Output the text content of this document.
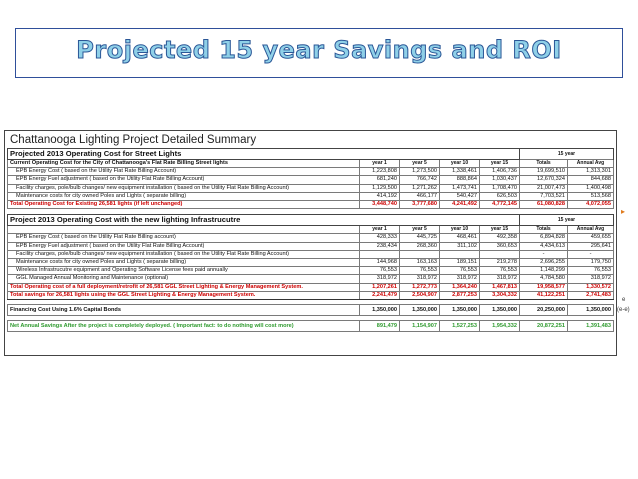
Projected 15 year Savings and ROI
Chattanooga Lighting Project Detailed Summary
Projected 2013 Operating Cost for Street Lights					15 year	
Current Operating Cost for the City of Chattanooga's Flat Rate Billing Street lights	year 1	year 5	year 10	year 15	Totals	Annual Avg
EPB Energy Cost ( based on the Utility Flat Rate Billing Account)	1,223,808	1,273,500	1,338,461	1,406,736	19,699,510	1,313,301
EPB Energy Fuel adjustment ( based on the Utility Flat Rate Billing Account)	681,240	766,742	888,864	1,030,437	12,670,324	844,688
Facility charges, pole/bulb changes/ new equipment installation ( based on the Utility Flat Rate Billing Account)	1,129,500	1,271,262	1,473,741	1,708,470	21,007,473	1,400,498
Maintenance costs for city owned Poles and Lights ( separate billing)	414,192	466,177	540,427	626,503	7,703,521	513,568
Total Operating Cost for Existing 26,581 lights (if left unchanged)	3,448,740	3,777,680	4,241,492	4,772,145	61,080,828	4,072,055

Project 2013 Operating Cost with the new lighting Infrastrucutre					15 year	
	year 1	year 5	year 10	year 15	Totals	Annual Avg
EPB Energy Cost ( based on the Utility Flat Rate Billing account)	428,333	445,725	468,461	492,358	6,894,828	459,655
EPB Energy Fuel adjustment ( based on the Utility Flat Rate Billing Account)	238,434	268,360	311,102	360,653	4,434,613	295,641
Facility charges, pole/bulb changes/ new equipment installation ( based on the Utility Flat Rate Billing Account)					-	-
Maintenance costs for city owned Poles and Lights ( separate billing)	144,968	163,163	189,151	219,278	2,696,255	179,750
Wireless Infrastrucutre equipment and Operating Software License fees paid annually	76,553	76,553	76,553	76,553	1,148,299	76,553
GGL Managed Annual Monitoring and Maintenance (optional)	318,972	318,972	318,972	318,972	4,784,580	318,972
Total Operating cost of a full deployment/retrofit of 26,581 GGL Street Lighting & Energy Management System.	1,207,261	1,272,773	1,364,240	1,467,813	19,958,577	1,330,572
Total savings for 26,581 lights using the GGL Street Lighting & Energy Management System.	2,241,479	2,504,907	2,877,253	3,304,332	41,122,251	2,741,483

Financing Cost Using 1.6% Capital Bonds	1,350,000	1,350,000	1,350,000	1,350,000	20,250,000	1,350,000

Net Annual Savings After the project is completely deployed. ( Important fact: to do nothing will cost more)	891,479	1,154,907	1,527,253	1,954,332	20,872,251	1,391,483
▸
e
(e-e)
